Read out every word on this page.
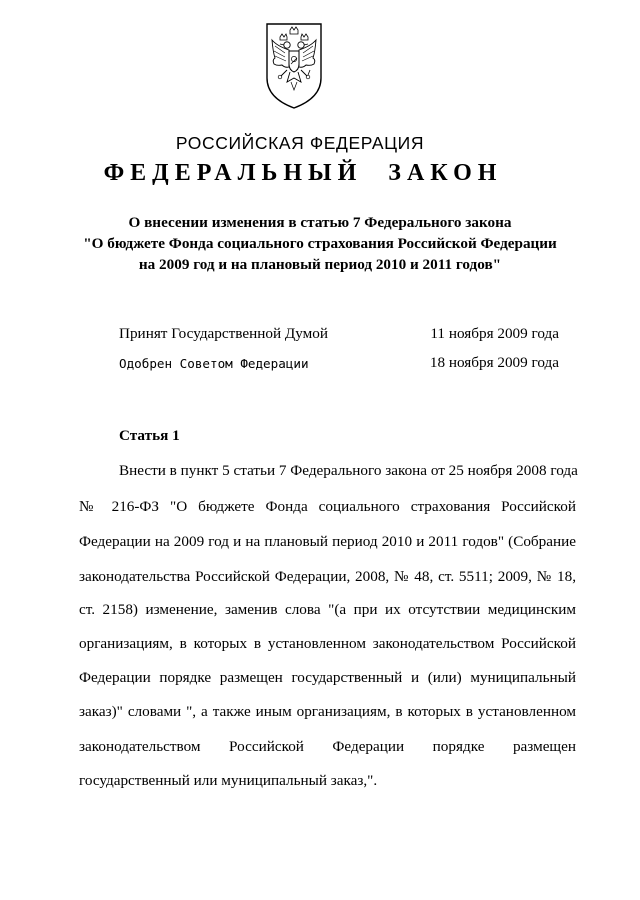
РОССИЙСКАЯ ФЕДЕРАЦИЯ
ФЕДЕРАЛЬНЫЙ ЗАКОН
О внесении изменения в статью 7 Федерального закона
"О бюджете Фонда социального страхования Российской Федерации
на 2009 год и на плановый период 2010 и 2011 годов"
Принят Государственной Думой	11 ноября 2009 года
Одобрен Советом Федерации	18 ноября 2009 года
Статья 1
Внести в пункт 5 статьи 7 Федерального закона от 25 ноября 2008 года
№ 216-ФЗ "О бюджете Фонда социального страхования Российской
Федерации на 2009 год и на плановый период 2010 и 2011 годов" (Собрание
законодательства Российской Федерации, 2008, № 48, ст. 5511; 2009, № 18,
ст. 2158) изменение, заменив слова "(а при их отсутствии медицинским
организациям, в которых в установленном законодательством Российской
Федерации порядке размещен государственный и (или) муниципальный
заказ)" словами ", а также иным организациям, в которых в установленном
законодательством Российской Федерации порядке размещен
государственный или муниципальный заказ,".
